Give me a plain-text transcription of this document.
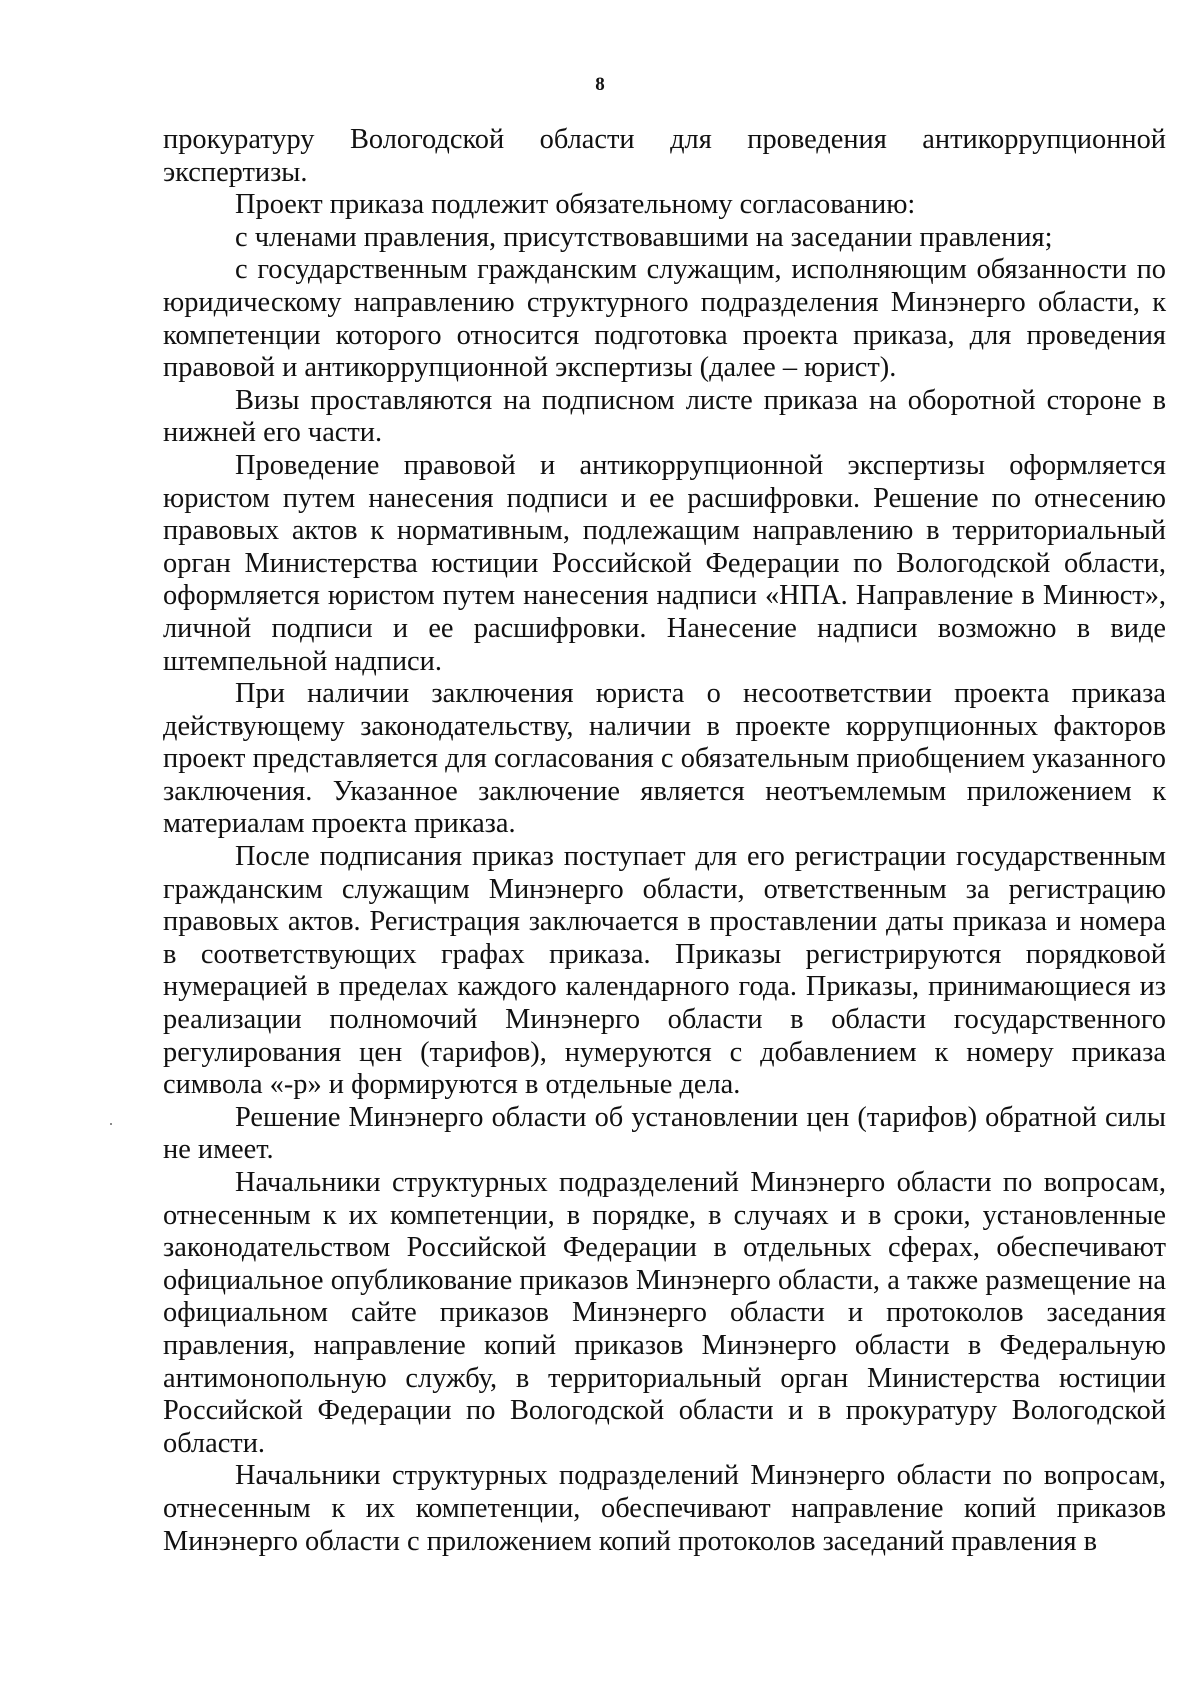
8

прокуратуру Вологодской области для проведения антикоррупционной экспертизы.

Проект приказа подлежит обязательному согласованию:

с членами правления, присутствовавшими на заседании правления;

с государственным гражданским служащим, исполняющим обязанности по юридическому направлению структурного подразделения Минэнерго области, к компетенции которого относится подготовка проекта приказа, для проведения правовой и антикоррупционной экспертизы (далее – юрист).

Визы проставляются на подписном листе приказа на оборотной стороне в нижней его части.

Проведение правовой и антикоррупционной экспертизы оформляется юристом путем нанесения подписи и ее расшифровки. Решение по отнесению правовых актов к нормативным, подлежащим направлению в территориальный орган Министерства юстиции Российской Федерации по Вологодской области, оформляется юристом путем нанесения надписи «НПА. Направление в Минюст», личной подписи и ее расшифровки. Нанесение надписи возможно в виде штемпельной надписи.

При наличии заключения юриста о несоответствии проекта приказа действующему законодательству, наличии в проекте коррупционных факторов проект представляется для согласования с обязательным приобщением указанного заключения. Указанное заключение является неотъемлемым приложением к материалам проекта приказа.

После подписания приказ поступает для его регистрации государственным гражданским служащим Минэнерго области, ответственным за регистрацию правовых актов. Регистрация заключается в проставлении даты приказа и номера в соответствующих графах приказа. Приказы регистрируются порядковой нумерацией в пределах каждого календарного года. Приказы, принимающиеся из реализации полномочий Минэнерго области в области государственного регулирования цен (тарифов), нумеруются с добавлением к номеру приказа символа «-р» и формируются в отдельные дела.

Решение Минэнерго области об установлении цен (тарифов) обратной силы не имеет.

Начальники структурных подразделений Минэнерго области по вопросам, отнесенным к их компетенции, в порядке, в случаях и в сроки, установленные законодательством Российской Федерации в отдельных сферах, обеспечивают официальное опубликование приказов Минэнерго области, а также размещение на официальном сайте приказов Минэнерго области и протоколов заседания правления, направление копий приказов Минэнерго области в Федеральную антимонопольную службу, в территориальный орган Министерства юстиции Российской Федерации по Вологодской области и в прокуратуру Вологодской области.

Начальники структурных подразделений Минэнерго области по вопросам, отнесенным к их компетенции, обеспечивают направление копий приказов Минэнерго области с приложением копий протоколов заседаний правления в
